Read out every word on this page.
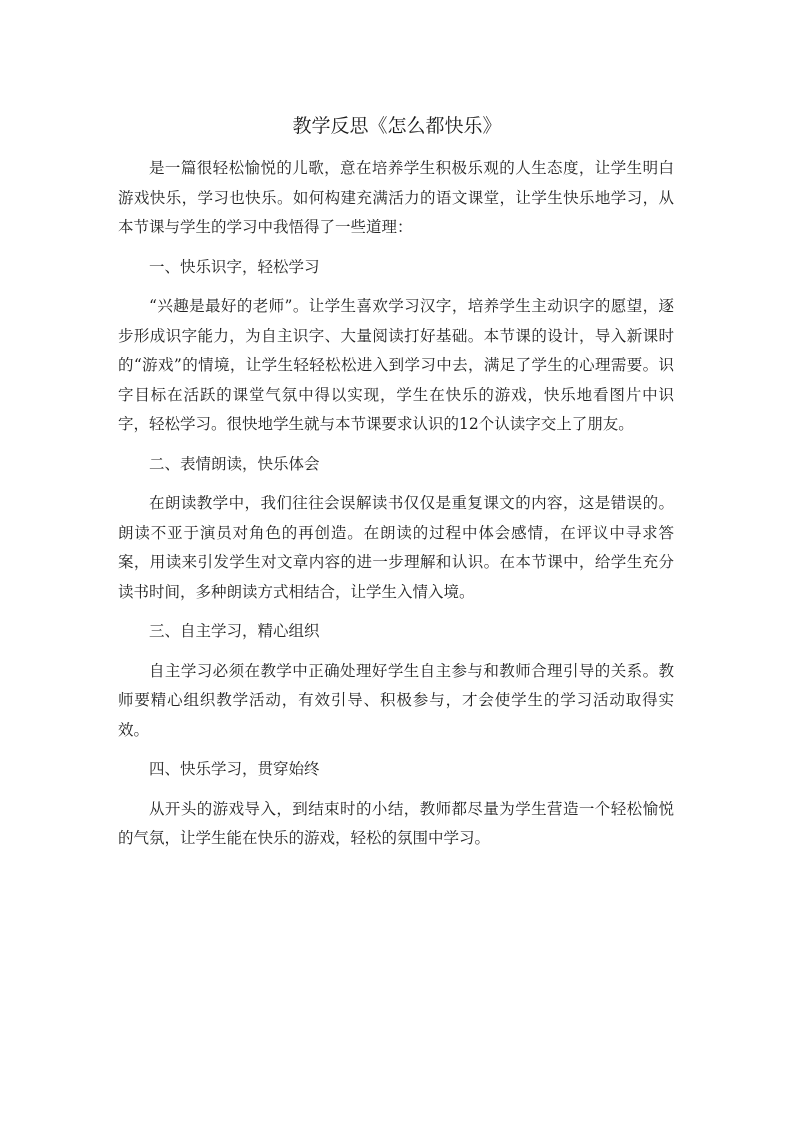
教学反思《怎么都快乐》

是一篇很轻松愉悦的儿歌，意在培养学生积极乐观的人生态度，让学生明白游戏快乐，学习也快乐。如何构建充满活力的语文课堂，让学生快乐地学习，从本节课与学生的学习中我悟得了一些道理：

一、快乐识字，轻松学习

“兴趣是最好的老师”。让学生喜欢学习汉字，培养学生主动识字的愿望，逐步形成识字能力，为自主识字、大量阅读打好基础。本节课的设计，导入新课时的“游戏”的情境，让学生轻轻松松进入到学习中去，满足了学生的心理需要。识字目标在活跃的课堂气氛中得以实现，学生在快乐的游戏，快乐地看图片中识字，轻松学习。很快地学生就与本节课要求认识的12个认读字交上了朋友。

二、表情朗读，快乐体会

在朗读教学中，我们往往会误解读书仅仅是重复课文的内容，这是错误的。朗读不亚于演员对角色的再创造。在朗读的过程中体会感情，在评议中寻求答案，用读来引发学生对文章内容的进一步理解和认识。在本节课中，给学生充分读书时间，多种朗读方式相结合，让学生入情入境。

三、自主学习，精心组织

自主学习必须在教学中正确处理好学生自主参与和教师合理引导的关系。教师要精心组织教学活动，有效引导、积极参与，才会使学生的学习活动取得实效。

四、快乐学习，贯穿始终

从开头的游戏导入，到结束时的小结，教师都尽量为学生营造一个轻松愉悦的气氛，让学生能在快乐的游戏，轻松的氛围中学习。
